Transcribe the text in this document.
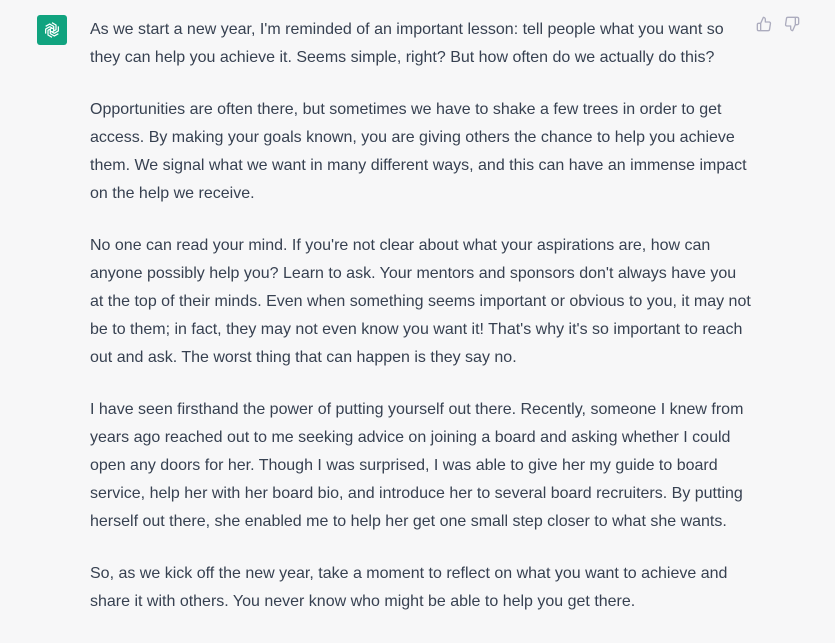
As we start a new year, I'm reminded of an important lesson: tell people what you want so they can help you achieve it. Seems simple, right? But how often do we actually do this?

Opportunities are often there, but sometimes we have to shake a few trees in order to get access. By making your goals known, you are giving others the chance to help you achieve them. We signal what we want in many different ways, and this can have an immense impact on the help we receive.

No one can read your mind. If you're not clear about what your aspirations are, how can anyone possibly help you? Learn to ask. Your mentors and sponsors don't always have you at the top of their minds. Even when something seems important or obvious to you, it may not be to them; in fact, they may not even know you want it! That's why it's so important to reach out and ask. The worst thing that can happen is they say no.

I have seen firsthand the power of putting yourself out there. Recently, someone I knew from years ago reached out to me seeking advice on joining a board and asking whether I could open any doors for her. Though I was surprised, I was able to give her my guide to board service, help her with her board bio, and introduce her to several board recruiters. By putting herself out there, she enabled me to help her get one small step closer to what she wants.

So, as we kick off the new year, take a moment to reflect on what you want to achieve and share it with others. You never know who might be able to help you get there.
